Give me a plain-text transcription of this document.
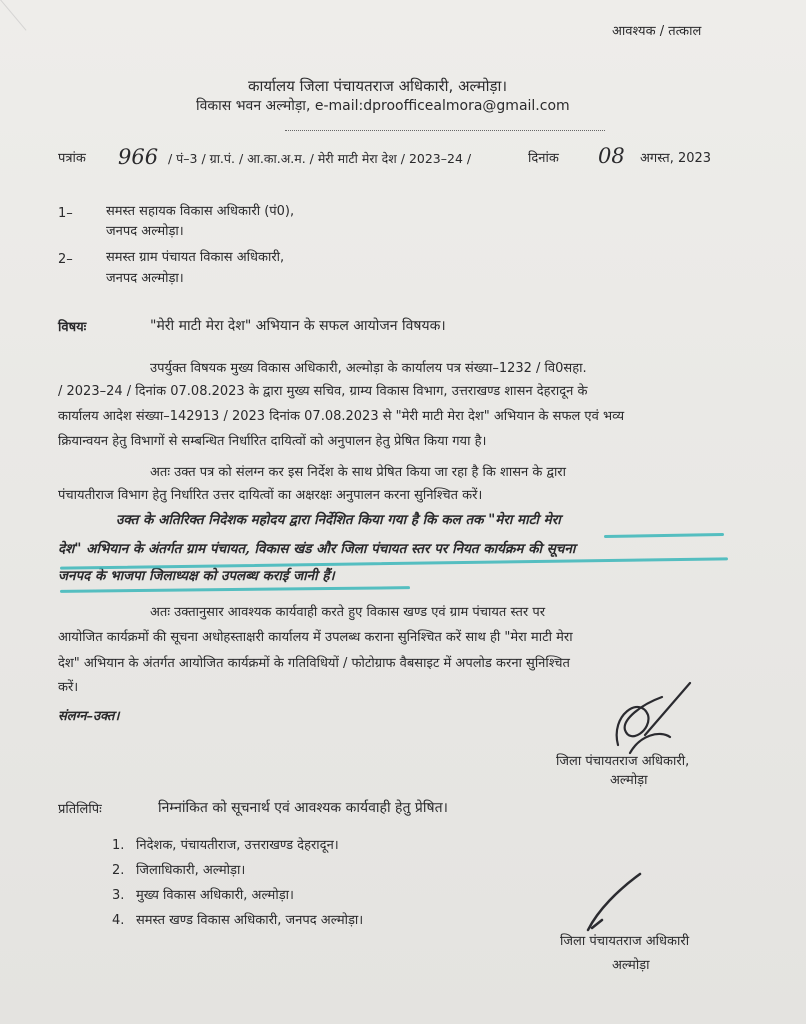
आवश्यक / तत्काल
कार्यालय जिला पंचायतराज अधिकारी, अल्मोड़ा।
विकास भवन अल्मोड़ा, e-mail:dproofficealmora@gmail.com
पत्रांक 966 / पं–3 / ग्रा.पं. / आ.का.अ.म. / मेरी माटी मेरा देश / 2023–24 /	दिनांक 08 अगस्त, 2023
1–	समस्त सहायक विकास अधिकारी (पं0),
जनपद अल्मोड़ा।
2–	समस्त ग्राम पंचायत विकास अधिकारी,
जनपद अल्मोड़ा।
विषयः	"मेरी माटी मेरा देश" अभियान के सफल आयोजन विषयक।
उपर्युक्त विषयक मुख्य विकास अधिकारी, अल्मोड़ा के कार्यालय पत्र संख्या–1232 / वि0सहा.
/ 2023–24 / दिनांक 07.08.2023 के द्वारा मुख्य सचिव, ग्राम्य विकास विभाग, उत्तराखण्ड शासन देहरादून के
कार्यालय आदेश संख्या–142913 / 2023 दिनांक 07.08.2023 से "मेरी माटी मेरा देश" अभियान के सफल एवं भव्य
क्रियान्वयन हेतु विभागों से सम्बन्धित निर्धारित दायित्वों को अनुपालन हेतु प्रेषित किया गया है।
अतः उक्त पत्र को संलग्न कर इस निर्देश के साथ प्रेषित किया जा रहा है कि शासन के द्वारा
पंचायतीराज विभाग हेतु निर्धारित उत्तर दायित्वों का अक्षरक्षः अनुपालन करना सुनिश्चित करें।
उक्त के अतिरिक्त निदेशक महोदय द्वारा निर्देशित किया गया है कि कल तक "मेरा माटी मेरा
देश" अभियान के अंतर्गत ग्राम पंचायत, विकास खंड और जिला पंचायत स्तर पर नियत कार्यक्रम की सूचना
जनपद के भाजपा जिलाध्यक्ष को उपलब्ध कराई जानी हैं।
अतः उक्तानुसार आवश्यक कार्यवाही करते हुए विकास खण्ड एवं ग्राम पंचायत स्तर पर
आयोजित कार्यक्रमों की सूचना अधोहस्ताक्षरी कार्यालय में उपलब्ध कराना सुनिश्चित करें साथ ही "मेरा माटी मेरा
देश" अभियान के अंतर्गत आयोजित कार्यक्रमों के गतिविधियों / फोटोग्राफ वैबसाइट में अपलोड करना सुनिश्चित
करें।
संलग्न–उक्त।
जिला पंचायतराज अधिकारी,
अल्मोड़ा
प्रतिलिपिः	निम्नांकित को सूचनार्थ एवं आवश्यक कार्यवाही हेतु प्रेषित।
1. निदेशक, पंचायतीराज, उत्तराखण्ड देहरादून।
2. जिलाधिकारी, अल्मोड़ा।
3. मुख्य विकास अधिकारी, अल्मोड़ा।
4. समस्त खण्ड विकास अधिकारी, जनपद अल्मोड़ा।
जिला पंचायतराज अधिकारी
अल्मोड़ा
